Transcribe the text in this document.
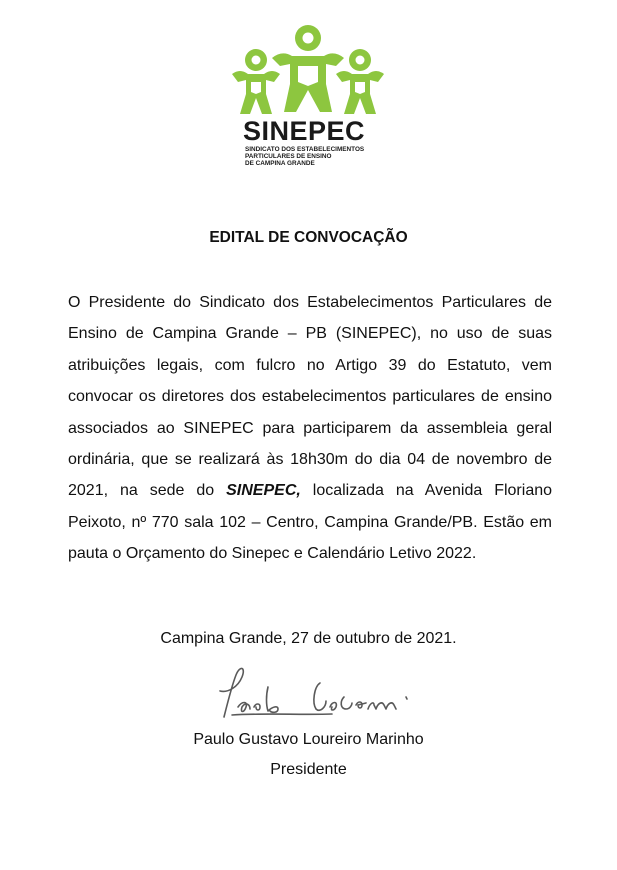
SINEPEC
SINDICATO DOS ESTABELECIMENTOS
PARTICULARES DE ENSINO
DE CAMPINA GRANDE
EDITAL DE CONVOCAÇÃO
O Presidente do Sindicato dos Estabelecimentos Particulares de Ensino de Campina Grande – PB (SINEPEC), no uso de suas atribuições legais, com fulcro no Artigo 39 do Estatuto, vem convocar os diretores dos estabelecimentos particulares de ensino associados ao SINEPEC para participarem da assembleia geral ordinária, que se realizará às 18h30m do dia 04 de novembro de 2021, na sede do SINEPEC, localizada na Avenida Floriano Peixoto, nº 770 sala 102 – Centro, Campina Grande/PB. Estão em pauta o Orçamento do Sinepec e Calendário Letivo 2022.
Campina Grande, 27 de outubro de 2021.
Paulo Gustavo Loureiro Marinho
Presidente
